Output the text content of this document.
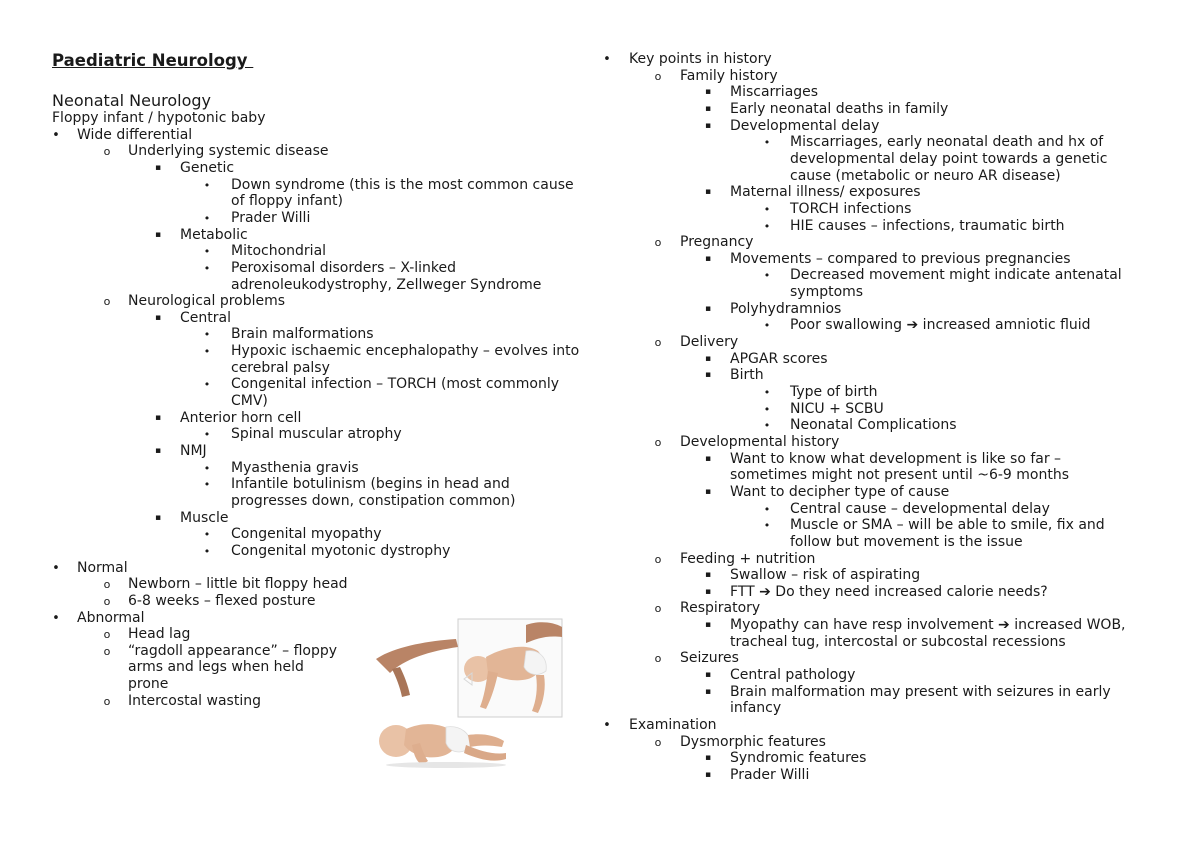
Paediatric Neurology
Neonatal Neurology
Floppy infant / hypotonic baby
• Wide differential
o Underlying systemic disease
▪ Genetic
• Down syndrome (this is the most common cause
of floppy infant)
• Prader Willi
▪ Metabolic
• Mitochondrial
• Peroxisomal disorders – X-linked
adrenoleukodystrophy, Zellweger Syndrome
o Neurological problems
▪ Central
• Brain malformations
• Hypoxic ischaemic encephalopathy – evolves into
cerebral palsy
• Congenital infection – TORCH (most commonly
CMV)
▪ Anterior horn cell
• Spinal muscular atrophy
▪ NMJ
• Myasthenia gravis
• Infantile botulinism (begins in head and
progresses down, constipation common)
▪ Muscle
• Congenital myopathy
• Congenital myotonic dystrophy
• Normal
o Newborn – little bit floppy head
o 6-8 weeks – flexed posture
• Abnormal
o Head lag
o “ragdoll appearance” – floppy
arms and legs when held
prone
o Intercostal wasting
• Key points in history
o Family history
▪ Miscarriages
▪ Early neonatal deaths in family
▪ Developmental delay
• Miscarriages, early neonatal death and hx of
developmental delay point towards a genetic
cause (metabolic or neuro AR disease)
▪ Maternal illness/ exposures
• TORCH infections
• HIE causes – infections, traumatic birth
o Pregnancy
▪ Movements – compared to previous pregnancies
• Decreased movement might indicate antenatal
symptoms
▪ Polyhydramnios
• Poor swallowing ➔ increased amniotic fluid
o Delivery
▪ APGAR scores
▪ Birth
• Type of birth
• NICU + SCBU
• Neonatal Complications
o Developmental history
▪ Want to know what development is like so far –
sometimes might not present until ~6-9 months
▪ Want to decipher type of cause
• Central cause – developmental delay
• Muscle or SMA – will be able to smile, fix and
follow but movement is the issue
o Feeding + nutrition
▪ Swallow – risk of aspirating
▪ FTT ➔ Do they need increased calorie needs?
o Respiratory
▪ Myopathy can have resp involvement ➔ increased WOB,
tracheal tug, intercostal or subcostal recessions
o Seizures
▪ Central pathology
▪ Brain malformation may present with seizures in early
infancy
• Examination
o Dysmorphic features
▪ Syndromic features
▪ Prader Willi
